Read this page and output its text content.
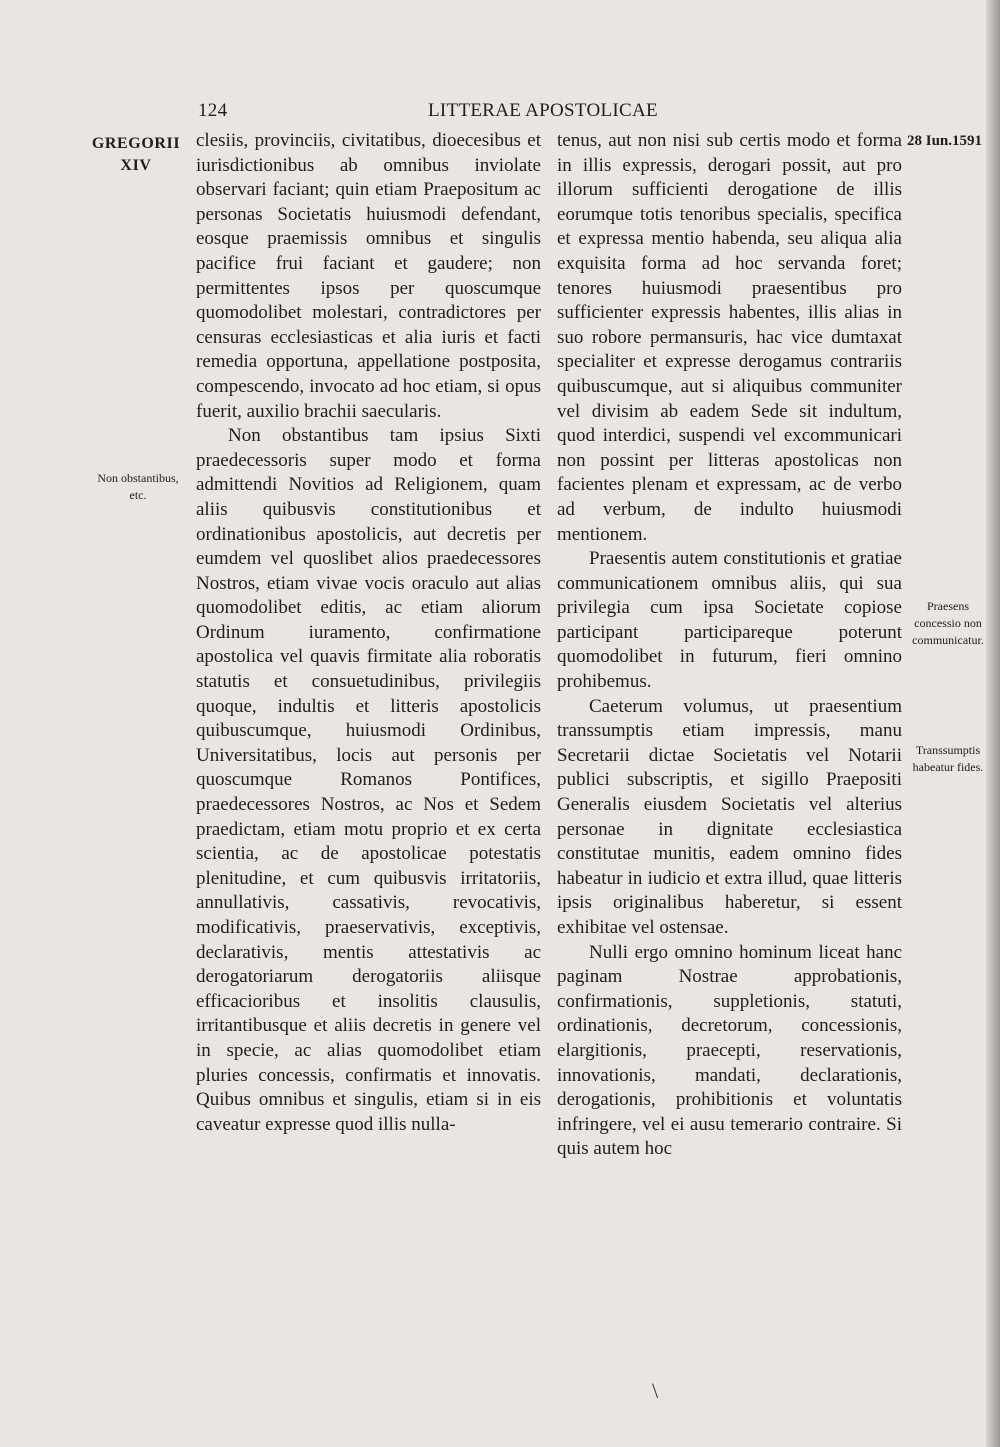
124	LITTERAE APOSTOLICAE
GREGORII XIV
28 Iun.1591
Non obstantibus, etc.
Praesens concessio non communicatur.
Transsumptis habeatur fides.

clesiis, provinciis, civitatibus, dioecesibus et iurisdictionibus ab omnibus inviolate observari faciant; quin etiam Praepositum ac personas Societatis huiusmodi defendant, eosque praemissis omnibus et singulis pacifice frui faciant et gaudere; non permittentes ipsos per quoscumque quomodolibet molestari, contradictores per censuras ecclesiasticas et alia iuris et facti remedia opportuna, appellatione postposita, compescendo, invocato ad hoc etiam, si opus fuerit, auxilio brachii saecularis.

Non obstantibus tam ipsius Sixti praedecessoris super modo et forma admittendi Novitios ad Religionem, quam aliis quibusvis constitutionibus et ordinationibus apostolicis, aut decretis per eumdem vel quoslibet alios praedecessores Nostros, etiam vivae vocis oraculo aut alias quomodolibet editis, ac etiam aliorum Ordinum iuramento, confirmatione apostolica vel quavis firmitate alia roboratis statutis et consuetudinibus, privilegiis quoque, indultis et litteris apostolicis quibuscumque, huiusmodi Ordinibus, Universitatibus, locis aut personis per quoscumque Romanos Pontifices, praedecessores Nostros, ac Nos et Sedem praedictam, etiam motu proprio et ex certa scientia, ac de apostolicae potestatis plenitudine, et cum quibusvis irritatoriis, annullativis, cassativis, revocativis, modificativis, praeservativis, exceptivis, declarativis, mentis attestativis ac derogatoriarum derogatoriis aliisque efficacioribus et insolitis clausulis, irritantibusque et aliis decretis in genere vel in specie, ac alias quomodolibet etiam pluries concessis, confirmatis et innovatis. Quibus omnibus et singulis, etiam si in eis caveatur expresse quod illis nulla-

tenus, aut non nisi sub certis modo et forma in illis expressis, derogari possit, aut pro illorum sufficienti derogatione de illis eorumque totis tenoribus specialis, specifica et expressa mentio habenda, seu aliqua alia exquisita forma ad hoc servanda foret; tenores huiusmodi praesentibus pro sufficienter expressis habentes, illis alias in suo robore permansuris, hac vice dumtaxat specialiter et expresse derogamus contrariis quibuscumque, aut si aliquibus communiter vel divisim ab eadem Sede sit indultum, quod interdici, suspendi vel excommunicari non possint per litteras apostolicas non facientes plenam et expressam, ac de verbo ad verbum, de indulto huiusmodi mentionem.

Praesentis autem constitutionis et gratiae communicationem omnibus aliis, qui sua privilegia cum ipsa Societate copiose participant participareque poterunt quomodolibet in futurum, fieri omnino prohibemus.

Caeterum volumus, ut praesentium transsumptis etiam impressis, manu Secretarii dictae Societatis vel Notarii publici subscriptis, et sigillo Praepositi Generalis eiusdem Societatis vel alterius personae in dignitate ecclesiastica constitutae munitis, eadem omnino fides habeatur in iudicio et extra illud, quae litteris ipsis originalibus haberetur, si essent exhibitae vel ostensae.

Nulli ergo omnino hominum liceat hanc paginam Nostrae approbationis, confirmationis, suppletionis, statuti, ordinationis, decretorum, concessionis, elargitionis, praecepti, reservationis, innovationis, mandati, declarationis, derogationis, prohibitionis et voluntatis infringere, vel ei ausu temerario contraire. Si quis autem hoc

\
